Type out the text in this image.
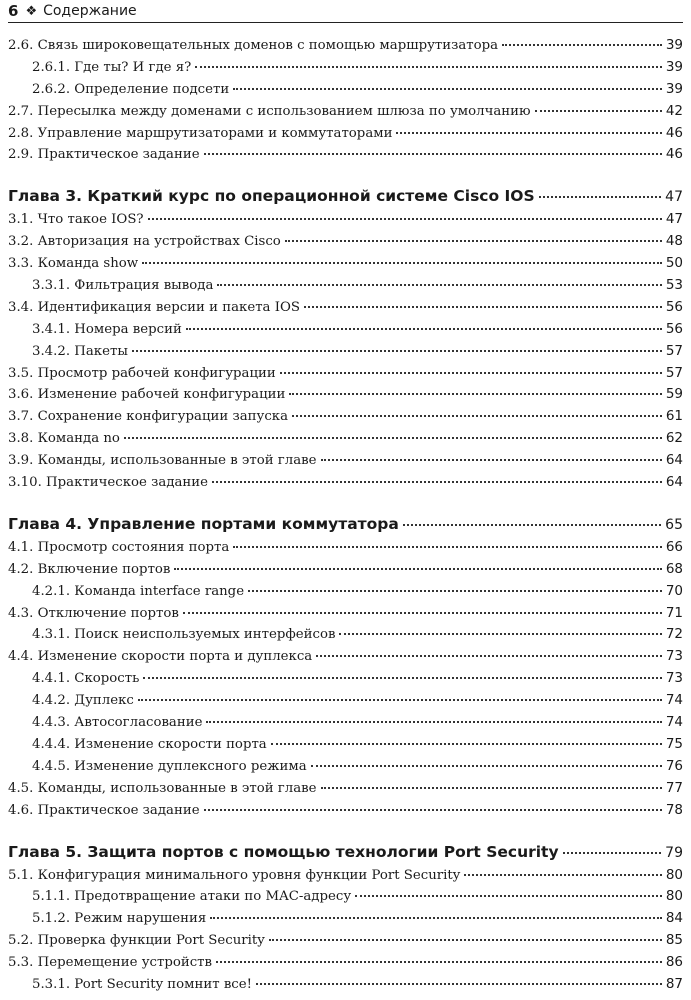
6 ❖ Содержание
2.6. Связь широковещательных доменов с помощью маршрутизатора	39
2.6.1. Где ты? И где я?	39
2.6.2. Определение подсети	39
2.7. Пересылка между доменами с использованием шлюза по умолчанию	42
2.8. Управление маршрутизаторами и коммутаторами	46
2.9. Практическое задание	46
Глава 3. Краткий курс по операционной системе Cisco IOS	47
3.1. Что такое IOS?	47
3.2. Авторизация на устройствах Cisco	48
3.3. Команда show	50
3.3.1. Фильтрация вывода	53
3.4. Идентификация версии и пакета IOS	56
3.4.1. Номера версий	56
3.4.2. Пакеты	57
3.5. Просмотр рабочей конфигурации	57
3.6. Изменение рабочей конфигурации	59
3.7. Сохранение конфигурации запуска	61
3.8. Команда no	62
3.9. Команды, использованные в этой главе	64
3.10. Практическое задание	64
Глава 4. Управление портами коммутатора	65
4.1. Просмотр состояния порта	66
4.2. Включение портов	68
4.2.1. Команда interface range	70
4.3. Отключение портов	71
4.3.1. Поиск неиспользуемых интерфейсов	72
4.4. Изменение скорости порта и дуплекса	73
4.4.1. Скорость	73
4.4.2. Дуплекс	74
4.4.3. Автосогласование	74
4.4.4. Изменение скорости порта	75
4.4.5. Изменение дуплексного режима	76
4.5. Команды, использованные в этой главе	77
4.6. Практическое задание	78
Глава 5. Защита портов с помощью технологии Port Security	79
5.1. Конфигурация минимального уровня функции Port Security	80
5.1.1. Предотвращение атаки по MAC-адресу	80
5.1.2. Режим нарушения	84
5.2. Проверка функции Port Security	85
5.3. Перемещение устройств	86
5.3.1. Port Security помнит все!	87
